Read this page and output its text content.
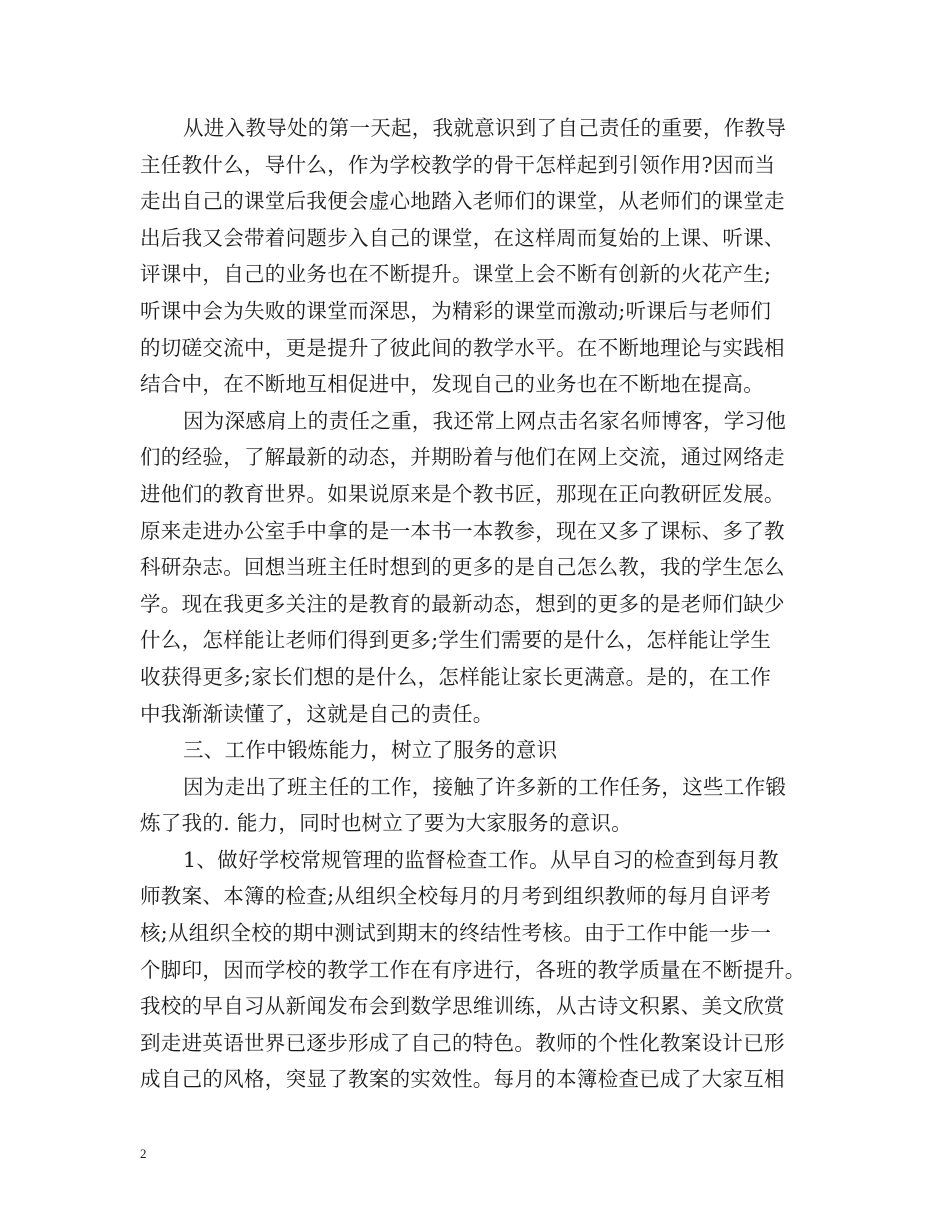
从进入教导处的第一天起，我就意识到了自己责任的重要，作教导
主任教什么，导什么，作为学校教学的骨干怎样起到引领作用?因而当
走出自己的课堂后我便会虚心地踏入老师们的课堂，从老师们的课堂走
出后我又会带着问题步入自己的课堂，在这样周而复始的上课、听课、
评课中，自己的业务也在不断提升。课堂上会不断有创新的火花产生;
听课中会为失败的课堂而深思，为精彩的课堂而激动;听课后与老师们
的切磋交流中，更是提升了彼此间的教学水平。在不断地理论与实践相
结合中，在不断地互相促进中，发现自己的业务也在不断地在提高。
因为深感肩上的责任之重，我还常上网点击名家名师博客，学习他
们的经验，了解最新的动态，并期盼着与他们在网上交流，通过网络走
进他们的教育世界。如果说原来是个教书匠，那现在正向教研匠发展。
原来走进办公室手中拿的是一本书一本教参，现在又多了课标、多了教
科研杂志。回想当班主任时想到的更多的是自己怎么教，我的学生怎么
学。现在我更多关注的是教育的最新动态，想到的更多的是老师们缺少
什么，怎样能让老师们得到更多;学生们需要的是什么，怎样能让学生
收获得更多;家长们想的是什么，怎样能让家长更满意。是的，在工作
中我渐渐读懂了，这就是自己的责任。
三、工作中锻炼能力，树立了服务的意识
因为走出了班主任的工作，接触了许多新的工作任务，这些工作锻
炼了我的. 能力，同时也树立了要为大家服务的意识。
1、做好学校常规管理的监督检查工作。从早自习的检查到每月教
师教案、本簿的检查;从组织全校每月的月考到组织教师的每月自评考
核;从组织全校的期中测试到期末的终结性考核。由于工作中能一步一
个脚印，因而学校的教学工作在有序进行，各班的教学质量在不断提升。
我校的早自习从新闻发布会到数学思维训练，从古诗文积累、美文欣赏
到走进英语世界已逐步形成了自己的特色。教师的个性化教案设计已形
成自己的风格，突显了教案的实效性。每月的本簿检查已成了大家互相
2
